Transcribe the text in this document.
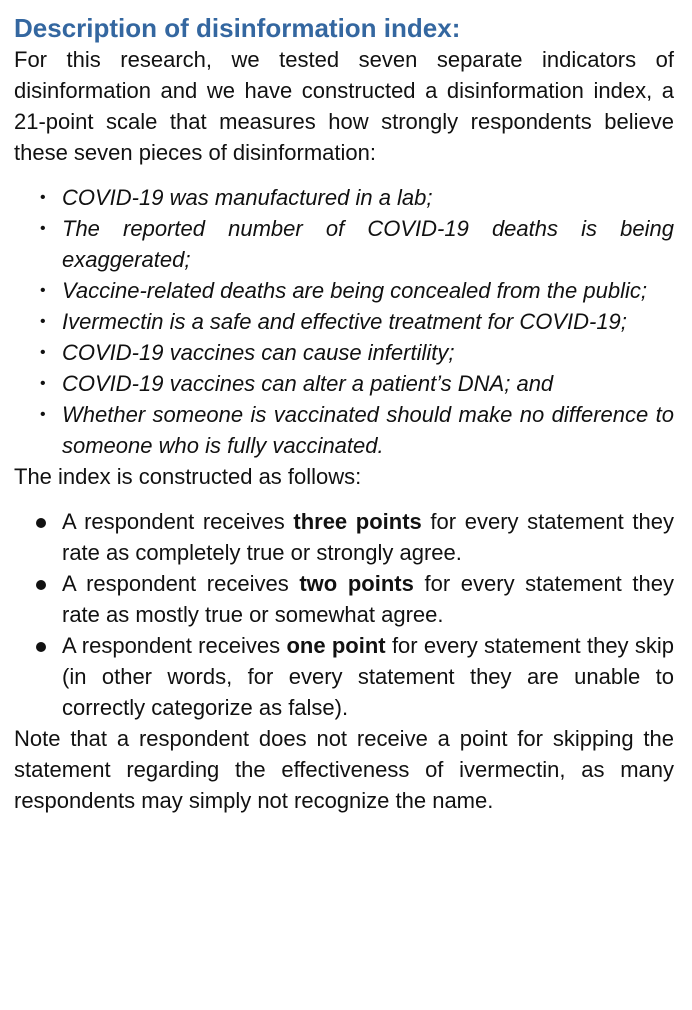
Description of disinformation index:

For this research, we tested seven separate indicators of disinformation and we have constructed a disinformation index, a 21-point scale that measures how strongly respondents believe these seven pieces of disinformation:

• COVID-19 was manufactured in a lab;
• The reported number of COVID-19 deaths is being exaggerated;
• Vaccine-related deaths are being concealed from the public;
• Ivermectin is a safe and effective treatment for COVID-19;
• COVID-19 vaccines can cause infertility;
• COVID-19 vaccines can alter a patient’s DNA; and
• Whether someone is vaccinated should make no difference to someone who is fully vaccinated.

The index is constructed as follows:

A respondent receives three points for every statement they rate as completely true or strongly agree.
A respondent receives two points for every statement they rate as mostly true or somewhat agree.
A respondent receives one point for every statement they skip (in other words, for every statement they are unable to correctly categorize as false).

Note that a respondent does not receive a point for skipping the statement regarding the effectiveness of ivermectin, as many respondents may simply not recognize the name.
